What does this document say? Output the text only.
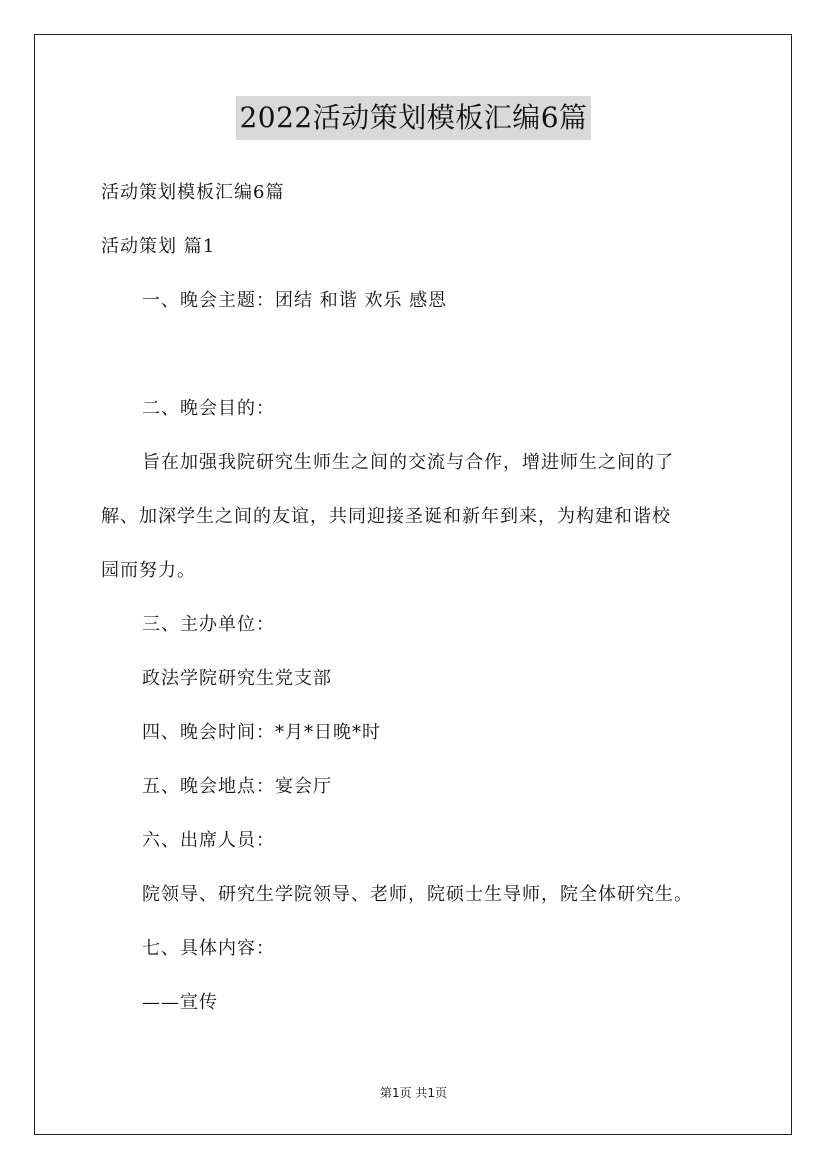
2022活动策划模板汇编6篇
活动策划模板汇编6篇
活动策划 篇1
一、晚会主题：团结 和谐 欢乐 感恩
二、晚会目的：
旨在加强我院研究生师生之间的交流与合作，增进师生之间的了
解、加深学生之间的友谊，共同迎接圣诞和新年到来，为构建和谐校
园而努力。
三、主办单位：
政法学院研究生党支部
四、晚会时间：*月*日晚*时
五、晚会地点：宴会厅
六、出席人员：
院领导、研究生学院领导、老师，院硕士生导师，院全体研究生。
七、具体内容：
——宣传
第1页 共1页
